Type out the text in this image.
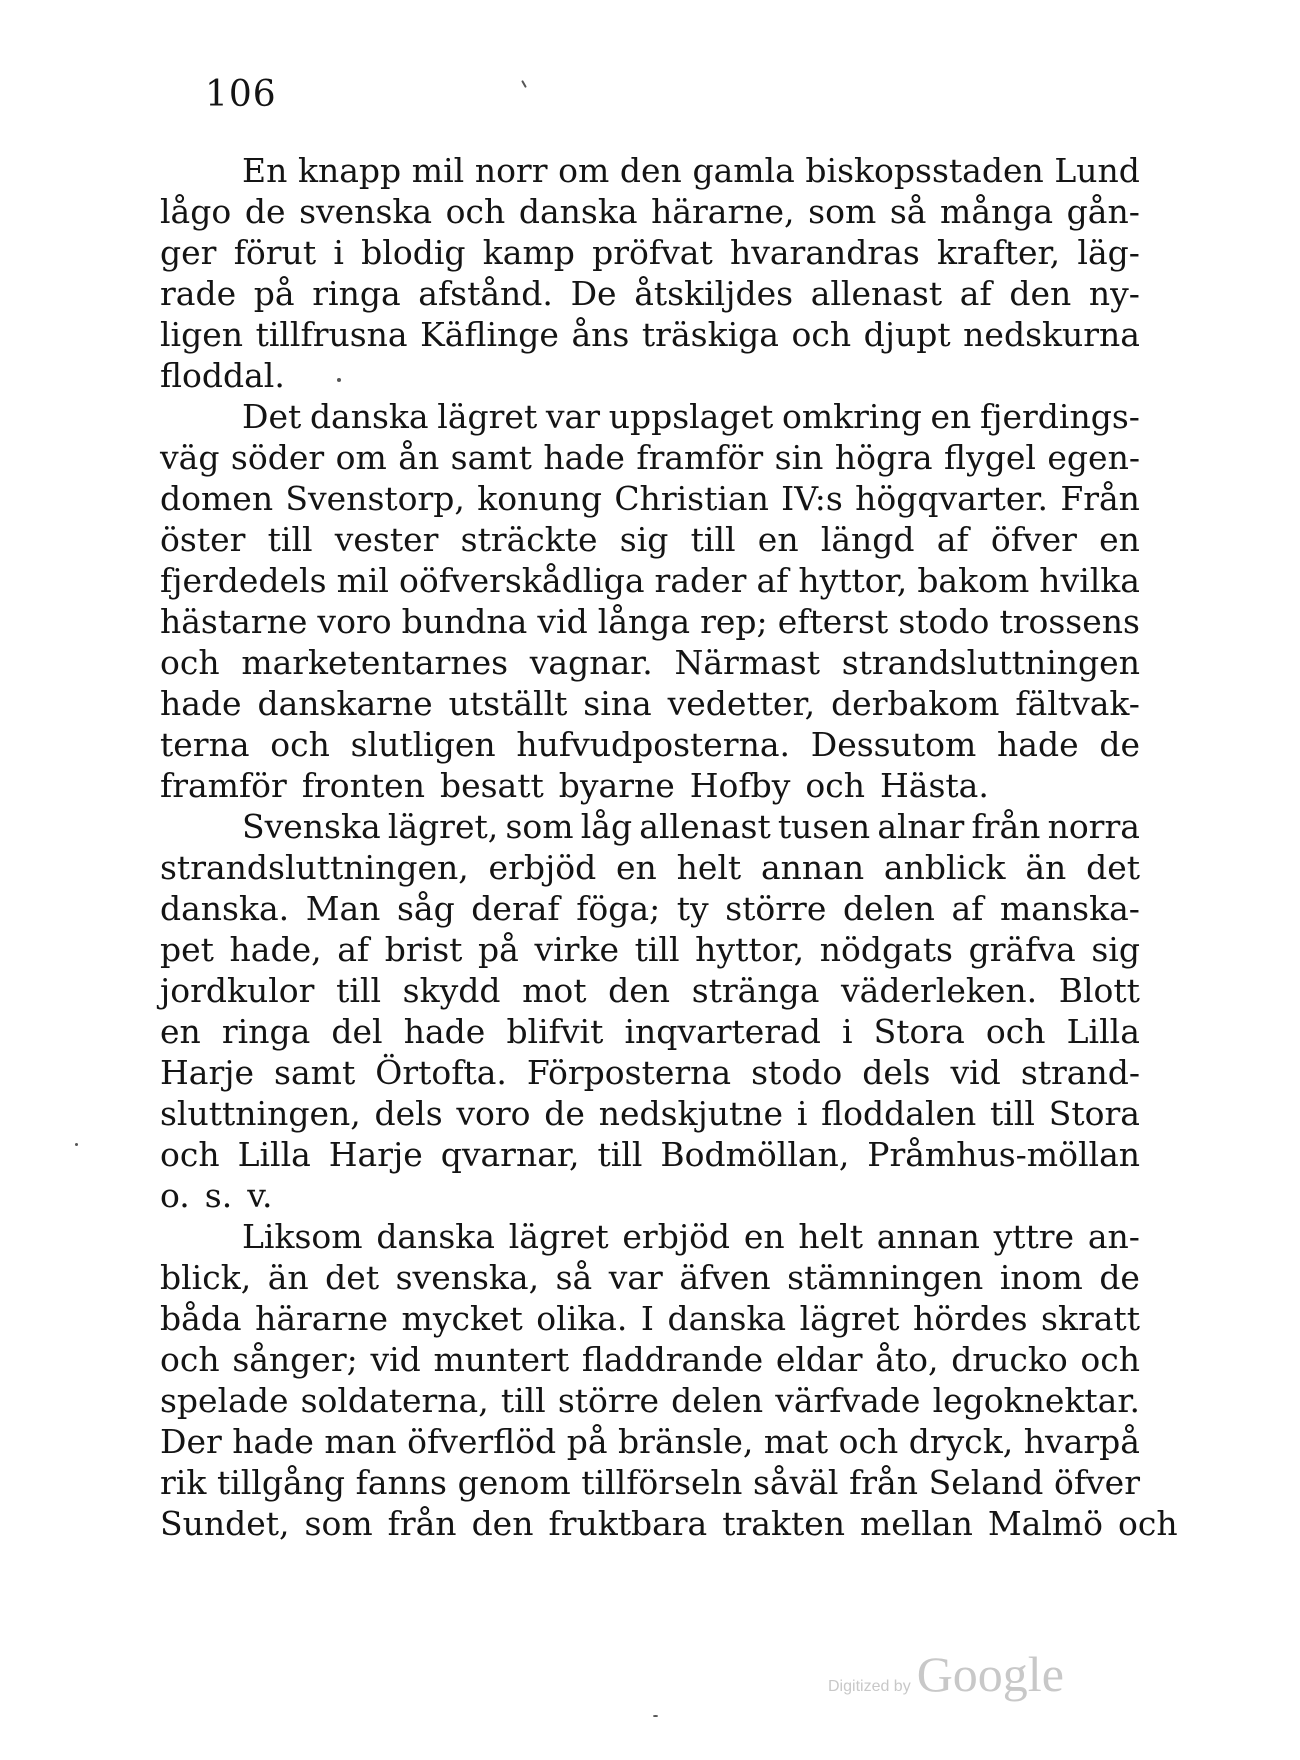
106
En knapp mil norr om den gamla biskopsstaden Lund
lågo de svenska och danska härarne, som så många gån-
ger förut i blodig kamp pröfvat hvarandras krafter, läg-
rade på ringa afstånd. De åtskiljdes allenast af den ny-
ligen tillfrusna Käflinge åns träskiga och djupt nedskurna
floddal.
Det danska lägret var uppslaget omkring en fjerdings-
väg söder om ån samt hade framför sin högra flygel egen-
domen Svenstorp, konung Christian IV:s högqvarter. Från
öster till vester sträckte sig till en längd af öfver en
fjerdedels mil oöfverskådliga rader af hyttor, bakom hvilka
hästarne voro bundna vid långa rep; efterst stodo trossens
och marketentarnes vagnar. Närmast strandsluttningen
hade danskarne utställt sina vedetter, derbakom fältvak-
terna och slutligen hufvudposterna. Dessutom hade de
framför fronten besatt byarne Hofby och Hästa.
Svenska lägret, som låg allenast tusen alnar från norra
strandsluttningen, erbjöd en helt annan anblick än det
danska. Man såg deraf föga; ty större delen af manska-
pet hade, af brist på virke till hyttor, nödgats gräfva sig
jordkulor till skydd mot den stränga väderleken. Blott
en ringa del hade blifvit inqvarterad i Stora och Lilla
Harje samt Örtofta. Förposterna stodo dels vid strand-
sluttningen, dels voro de nedskjutne i floddalen till Stora
och Lilla Harje qvarnar, till Bodmöllan, Pråmhus-möllan
o. s. v.
Liksom danska lägret erbjöd en helt annan yttre an-
blick, än det svenska, så var äfven stämningen inom de
båda härarne mycket olika. I danska lägret hördes skratt
och sånger; vid muntert fladdrande eldar åto, drucko och
spelade soldaterna, till större delen värfvade legoknektar.
Der hade man öfverflöd på bränsle, mat och dryck, hvarpå
rik tillgång fanns genom tillförseln såväl från Seland öfver
Sundet, som från den fruktbara trakten mellan Malmö och
Digitized by Google
